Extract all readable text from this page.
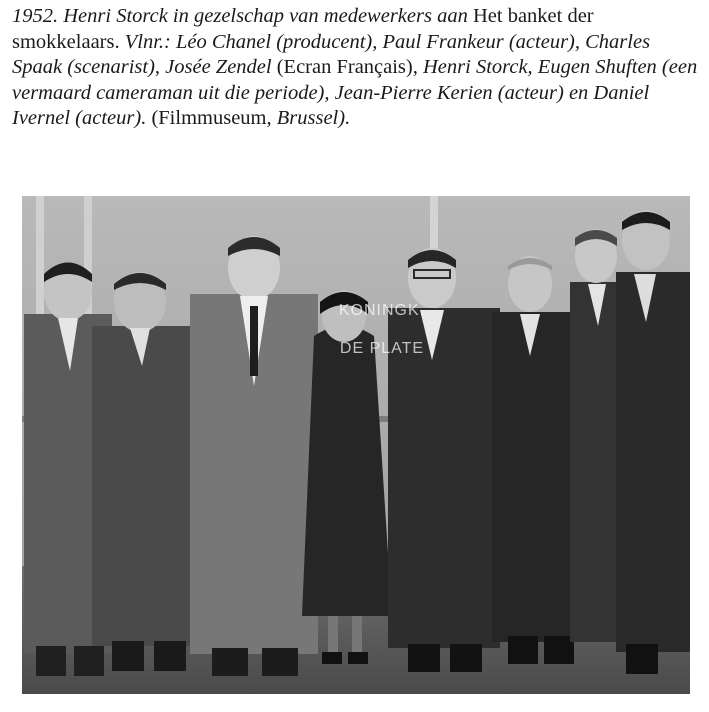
1952. Henri Storck in gezelschap van medewerkers aan Het banket der smokkelaars. Vlnr.: Léo Chanel (producent), Paul Frankeur (acteur), Charles Spaak (scenarist), Josée Zendel (Ecran Français), Henri Storck, Eugen Shuften (een vermaard cameraman uit die periode), Jean-Pierre Kerien (acteur) en Daniel Ivernel (acteur). (Filmmuseum, Brussel).

KONINGK.
DE PLATE
